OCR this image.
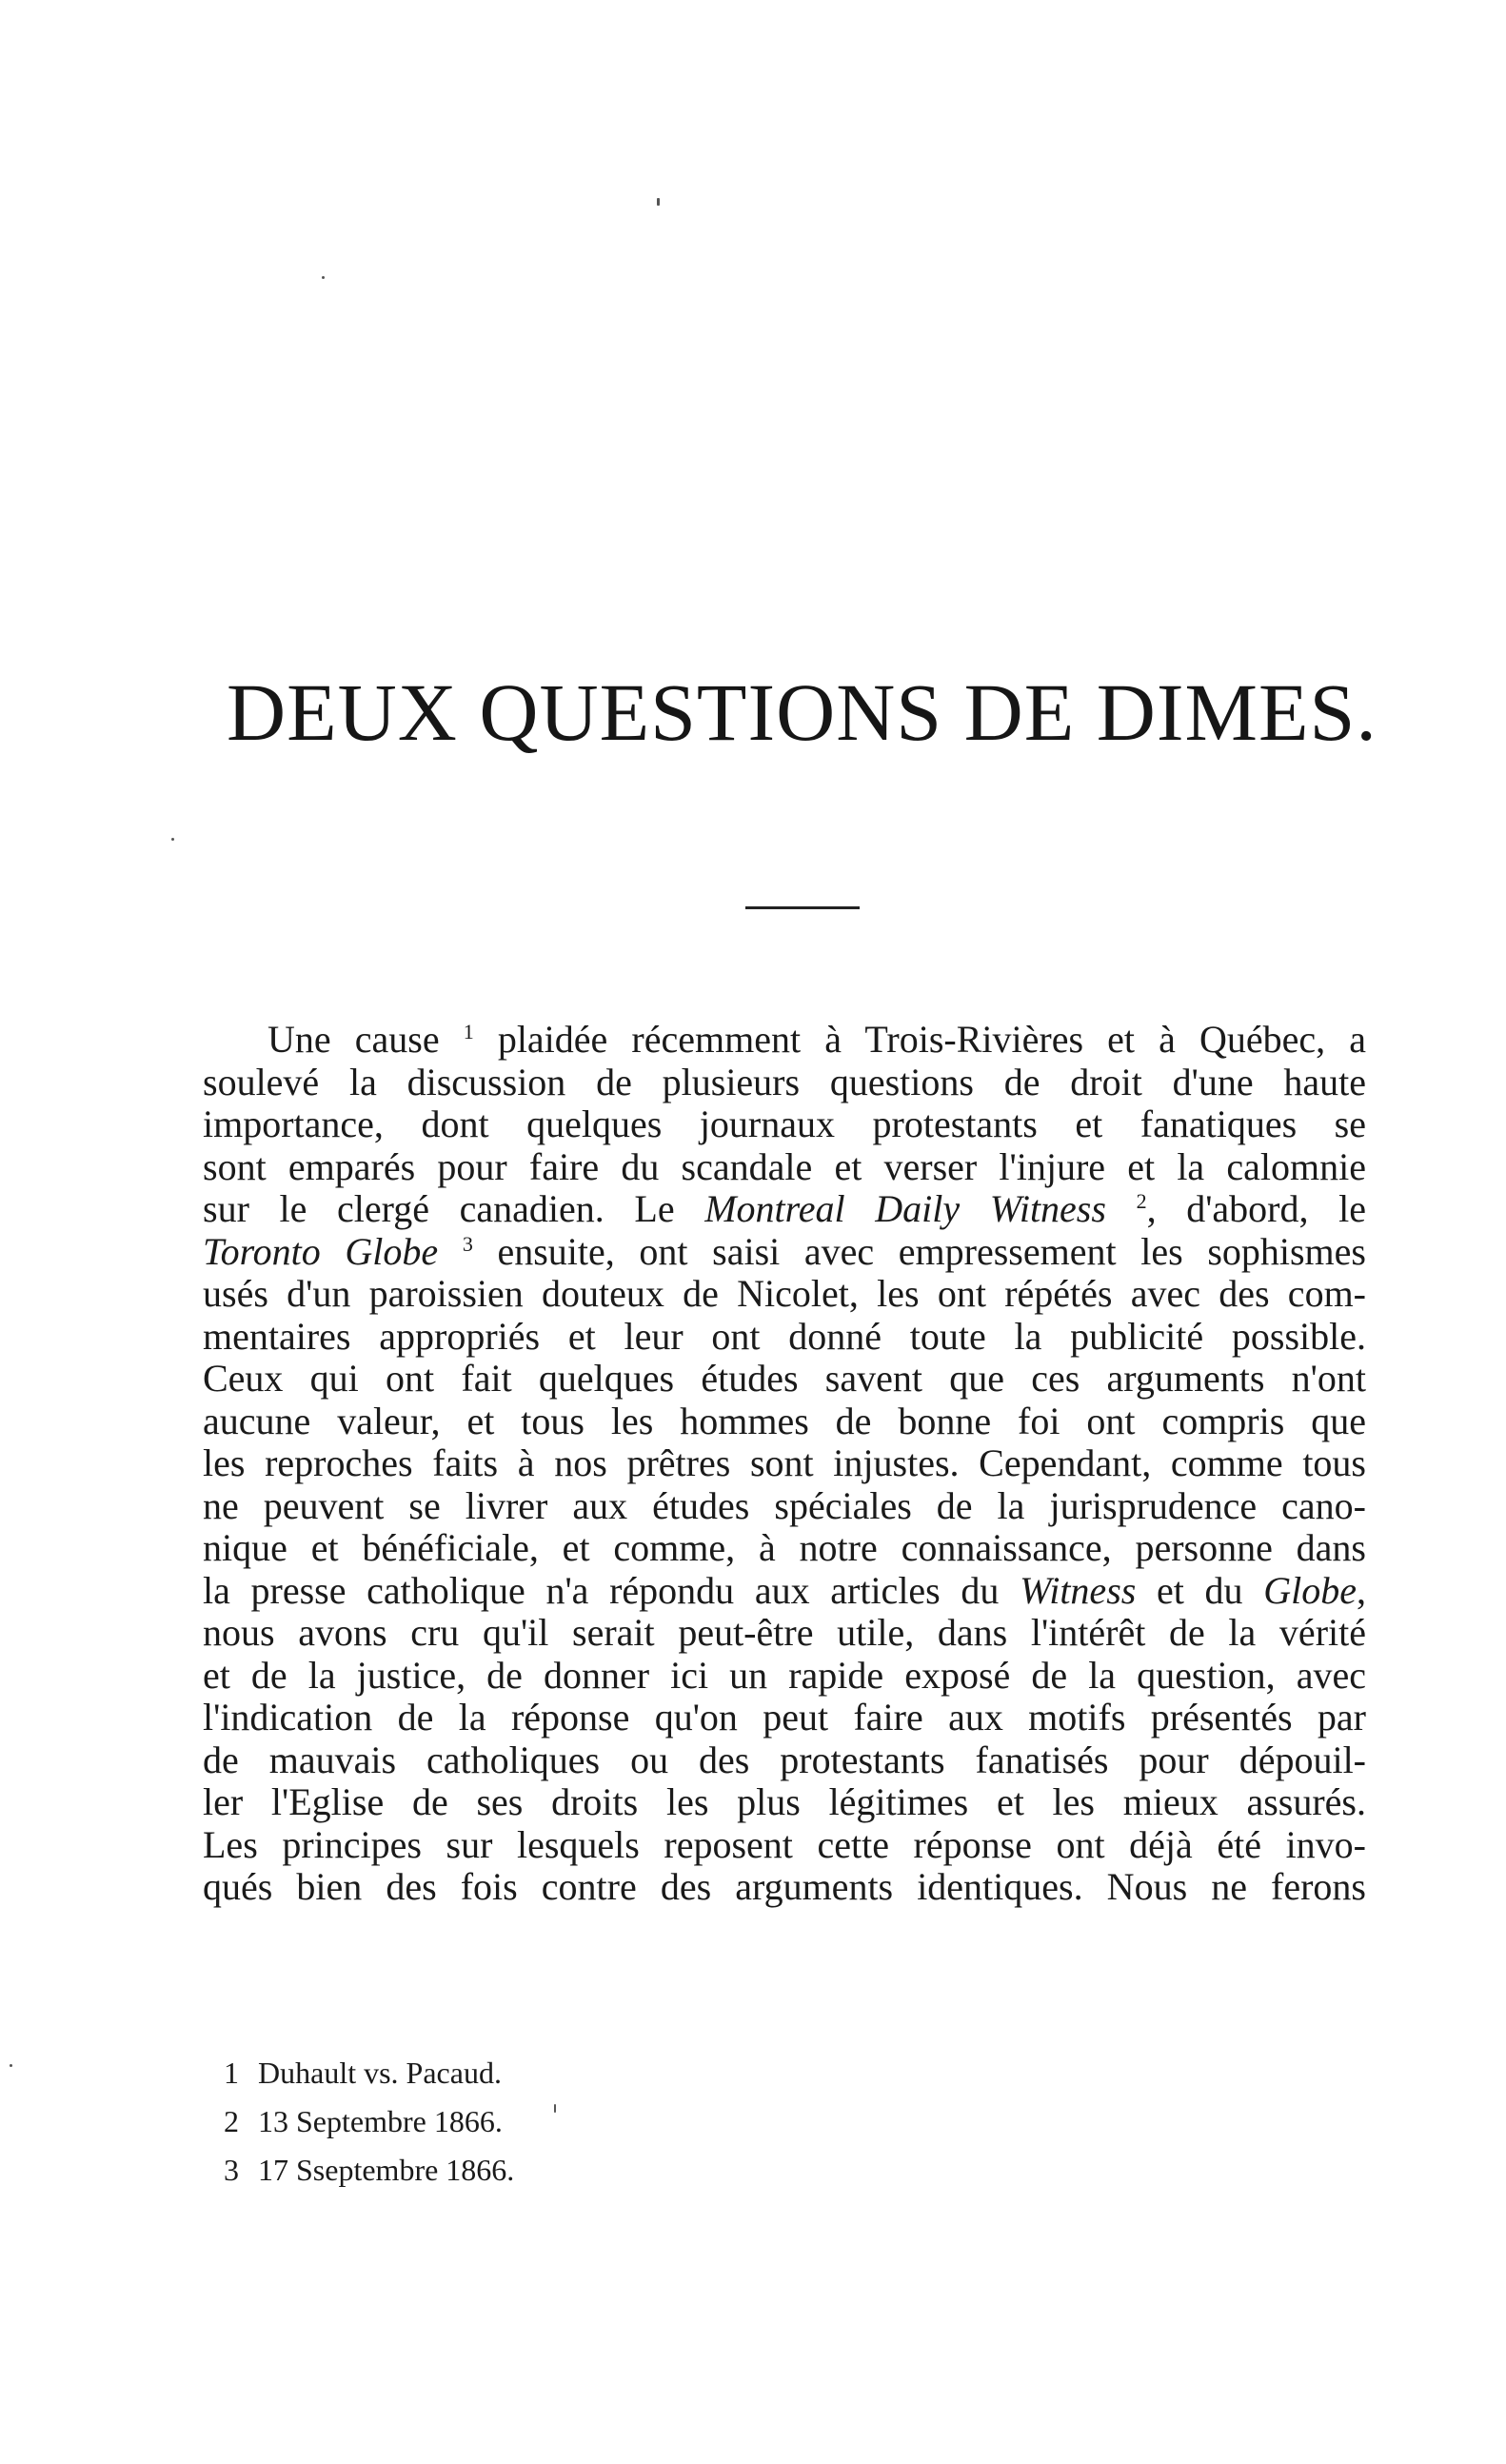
DEUX QUESTIONS DE DIMES.
Une cause $^1$ plaidée récemment à Trois-Rivières et à Québec, a
soulevé la discussion de plusieurs questions de droit d'une haute
importance, dont quelques journaux protestants et fanatiques se
sont emparés pour faire du scandale et verser l'injure et la calomnie
sur le clergé canadien. Le Montreal Daily Witness $^2$, d'abord, le
Toronto Globe $^3$ ensuite, ont saisi avec empressement les sophismes
usés d'un paroissien douteux de Nicolet, les ont répétés avec des com-
mentaires appropriés et leur ont donné toute la publicité possible.
Ceux qui ont fait quelques études savent que ces arguments n'ont
aucune valeur, et tous les hommes de bonne foi ont compris que
les reproches faits à nos prêtres sont injustes. Cependant, comme tous
ne peuvent se livrer aux études spéciales de la jurisprudence cano-
nique et bénéficiale, et comme, à notre connaissance, personne dans
la presse catholique n'a répondu aux articles du Witness et du Globe,
nous avons cru qu'il serait peut-être utile, dans l'intérêt de la vérité
et de la justice, de donner ici un rapide exposé de la question, avec
l'indication de la réponse qu'on peut faire aux motifs présentés par
de mauvais catholiques ou des protestants fanatisés pour dépouil-
ler l'Eglise de ses droits les plus légitimes et les mieux assurés.
Les principes sur lesquels reposent cette réponse ont déjà été invo-
qués bien des fois contre des arguments identiques. Nous ne ferons
1 Duhault vs. Pacaud.
2 13 Septembre 1866.
3 17 Sseptembre 1866.
